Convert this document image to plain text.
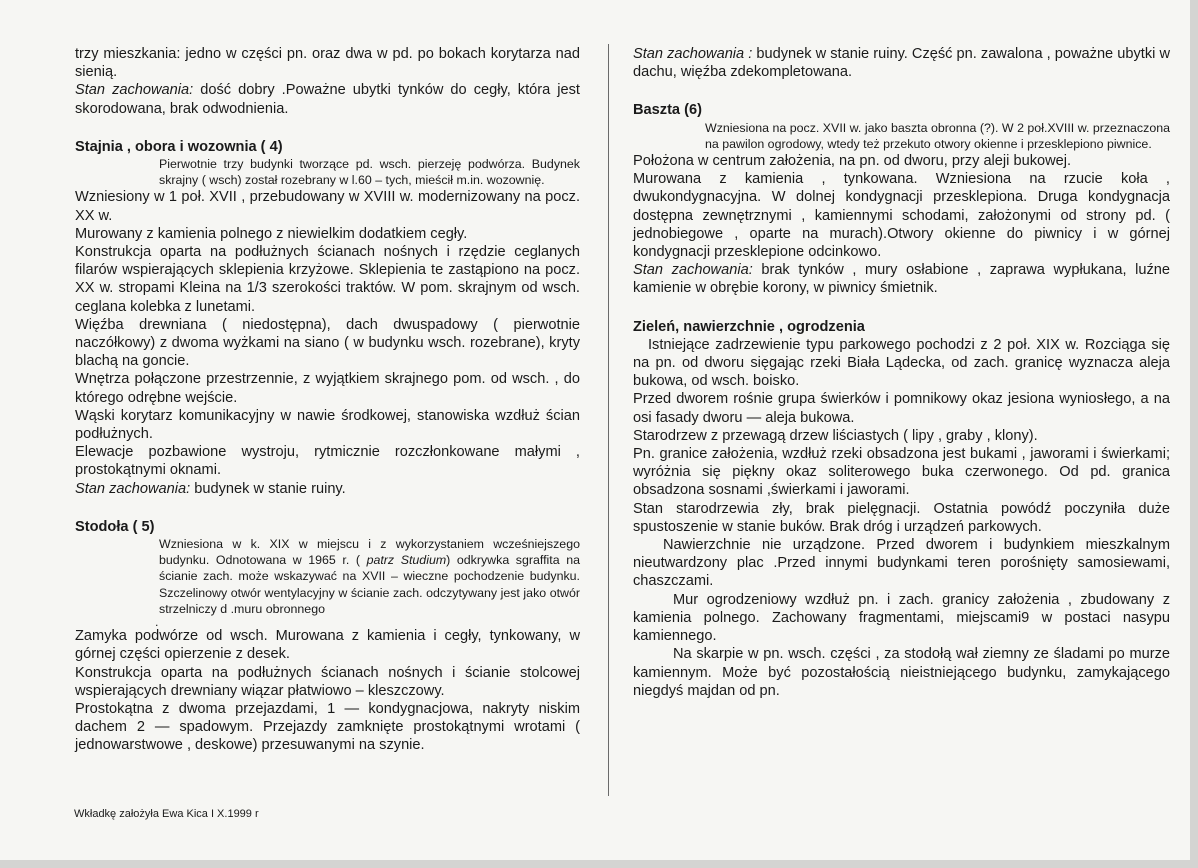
trzy mieszkania: jedno w części pn. oraz dwa w pd. po bokach korytarza nad sienią.

Stan zachowania: dość dobry .Poważne ubytki tynków do cegły, która jest skorodowana, brak odwodnienia.

Stajnia , obora i wozownia ( 4)

Pierwotnie trzy budynki tworzące pd. wsch. pierzeję podwórza. Budynek skrajny ( wsch) został rozebrany w l.60 – tych, mieścił m.in. wozownię.

Wzniesiony w 1 poł. XVII , przebudowany w XVIII w. modernizowany na pocz. XX w.

Murowany z kamienia polnego z niewielkim dodatkiem cegły.

Konstrukcja oparta na podłużnych ścianach nośnych i rzędzie ceglanych filarów wspierających sklepienia krzyżowe. Sklepienia te zastąpiono na pocz. XX w. stropami Kleina na 1/3 szerokości traktów. W pom. skrajnym od wsch. ceglana kolebka z lunetami.

Więźba drewniana ( niedostępna), dach dwuspadowy ( pierwotnie naczółkowy) z dwoma wyżkami na siano ( w budynku wsch. rozebrane), kryty blachą na goncie.

Wnętrza połączone przestrzennie, z wyjątkiem skrajnego pom. od wsch. , do którego odrębne wejście.

Wąski korytarz komunikacyjny w nawie środkowej, stanowiska wzdłuż ścian podłużnych.

Elewacje pozbawione wystroju, rytmicznie rozczłonkowane małymi , prostokątnymi oknami.

Stan zachowania: budynek w stanie ruiny.

Stodoła ( 5)

Wzniesiona w k. XIX w miejscu i z wykorzystaniem wcześniejszego budynku. Odnotowana w 1965 r. ( patrz Studium) odkrywka sgraffita na ścianie zach. może wskazywać na XVII – wieczne pochodzenie budynku. Szczelinowy otwór wentylacyjny w ścianie zach. odczytywany jest jako otwór strzelniczy d .muru obronnego

.

Zamyka podwórze od wsch. Murowana z kamienia i cegły, tynkowany, w górnej części opierzenie z desek.

Konstrukcja oparta na podłużnych ścianach nośnych i ścianie stolcowej wspierających drewniany wiązar płatwiowo – kleszczowy.

Prostokątna z dwoma przejazdami, 1 — kondygnacjowa, nakryty niskim dachem 2 — spadowym. Przejazdy zamknięte prostokątnymi wrotami ( jednowarstwowe , deskowe) przesuwanymi na szynie.

Stan zachowania : budynek w stanie ruiny. Część pn. zawalona , poważne ubytki w dachu, więźba zdekompletowana.

Baszta (6)

Wzniesiona na pocz. XVII w. jako baszta obronna (?). W 2 poł.XVIII w. przeznaczona na pawilon ogrodowy, wtedy też przekuto otwory okienne i przesklepiono piwnice.

Położona w centrum założenia, na pn. od dworu, przy aleji bukowej.

Murowana z kamienia , tynkowana. Wzniesiona na rzucie koła , dwukondygnacyjna. W dolnej kondygnacji przesklepiona. Druga kondygnacja dostępna zewnętrznymi , kamiennymi schodami, założonymi od strony pd. ( jednobiegowe , oparte na murach).Otwory okienne do piwnicy i w górnej kondygnacji przesklepione odcinkowo.

Stan zachowania: brak tynków , mury osłabione , zaprawa wypłukana, luźne kamienie w obrębie korony, w piwnicy śmietnik.

Zieleń, nawierzchnie , ogrodzenia

Istniejące zadrzewienie typu parkowego pochodzi z 2 poł. XIX w. Rozciąga się na pn. od dworu sięgając rzeki Biała Lądecka, od zach. granicę wyznacza aleja bukowa, od wsch. boisko.

Przed dworem rośnie grupa świerków i pomnikowy okaz jesiona wyniosłego, a na osi fasady dworu — aleja bukowa.

Starodrzew z przewagą drzew liściastych ( lipy , graby , klony).

Pn. granice założenia, wzdłuż rzeki obsadzona jest bukami , jaworami i świerkami; wyróżnia się piękny okaz soliterowego buka czerwonego. Od pd. granica obsadzona sosnami ,świerkami i jaworami.

Stan starodrzewia zły, brak pielęgnacji. Ostatnia powódź poczyniła duże spustoszenie w stanie buków. Brak dróg i urządzeń parkowych.

Nawierzchnie nie urządzone. Przed dworem i budynkiem mieszkalnym nieutwardzony plac .Przed innymi budynkami teren porośnięty samosiewami, chaszczami.

Mur ogrodzeniowy wzdłuż pn. i zach. granicy założenia , zbudowany z kamienia polnego. Zachowany fragmentami, miejscami9 w postaci nasypu kamiennego.

Na skarpie w pn. wsch. części , za stodołą wał ziemny ze śladami po murze kamiennym. Może być pozostałością nieistniejącego budynku, zamykającego niegdyś majdan od pn.

Wkładkę założyła Ewa Kica I X.1999 r
